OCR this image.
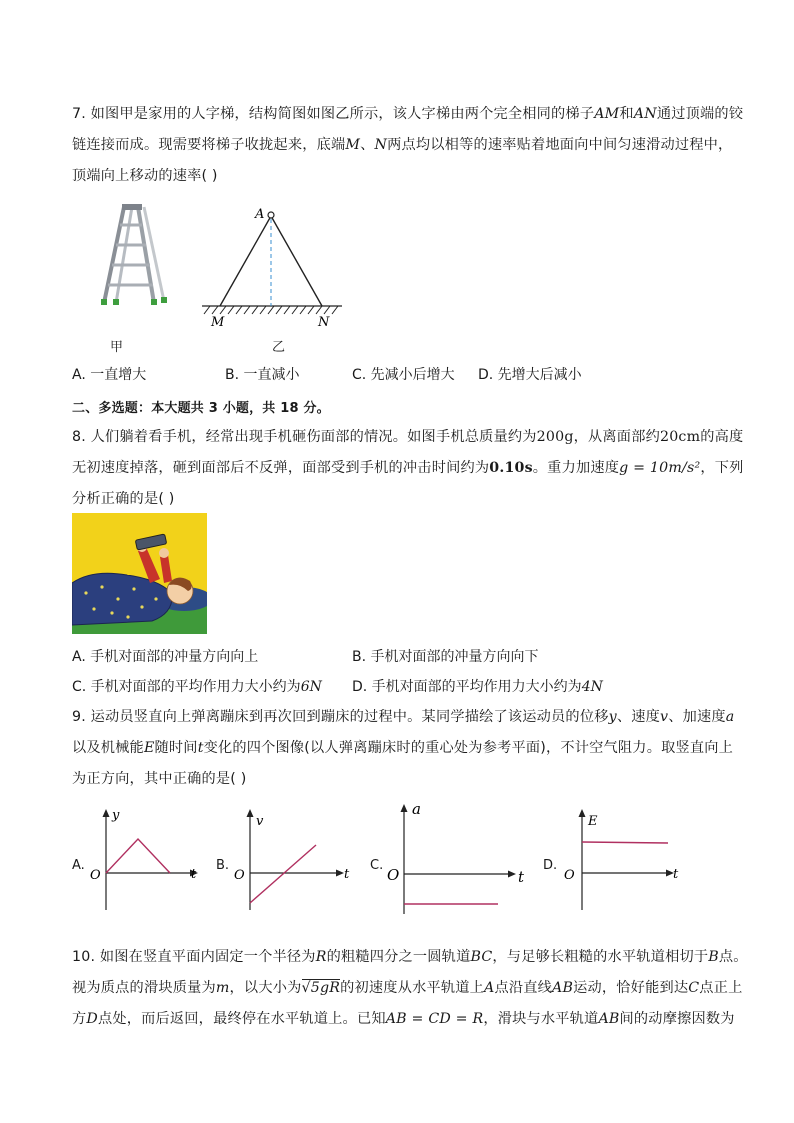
7. 如图甲是家用的人字梯，结构简图如图乙所示，该人字梯由两个完全相同的梯子AM和AN通过顶端的铰
链连接而成。现需要将梯子收拢起来，底端M、N两点均以相等的速率贴着地面向中间匀速滑动过程中，
顶端向上移动的速率( )
甲
A
M	N
乙
A. 一直增大	B. 一直减小	C. 先减小后增大 D. 先增大后减小
二、多选题：本大题共 3 小题，共 18 分。
8. 人们躺着看手机，经常出现手机砸伤面部的情况。如图手机总质量约为200g，从离面部约20cm的高度
无初速度掉落，砸到面部后不反弹，面部受到手机的冲击时间约为0.10s。重力加速度g = 10m/s²，下列
分析正确的是( )
A. 手机对面部的冲量方向向上	B. 手机对面部的冲量方向向下
C. 手机对面部的平均作用力大小约为6N D. 手机对面部的平均作用力大小约为4N
9. 运动员竖直向上弹离蹦床到再次回到蹦床的过程中。某同学描绘了该运动员的位移y、速度v、加速度a
以及机械能E随时间t变化的四个图像(以人弹离蹦床时的重心处为参考平面)，不计空气阻力。取竖直向上
为正方向，其中正确的是( )
A.
y
t
O
B.
v
t
O
C.
a
t
O
D.
E
t
O
10. 如图在竖直平面内固定一个半径为R的粗糙四分之一圆轨道BC，与足够长粗糙的水平轨道相切于B点。
视为质点的滑块质量为m，以大小为√5gR的初速度从水平轨道上A点沿直线AB运动，恰好能到达C点正上
方D点处，而后返回，最终停在水平轨道上。已知AB = CD = R，滑块与水平轨道AB间的动摩擦因数为
